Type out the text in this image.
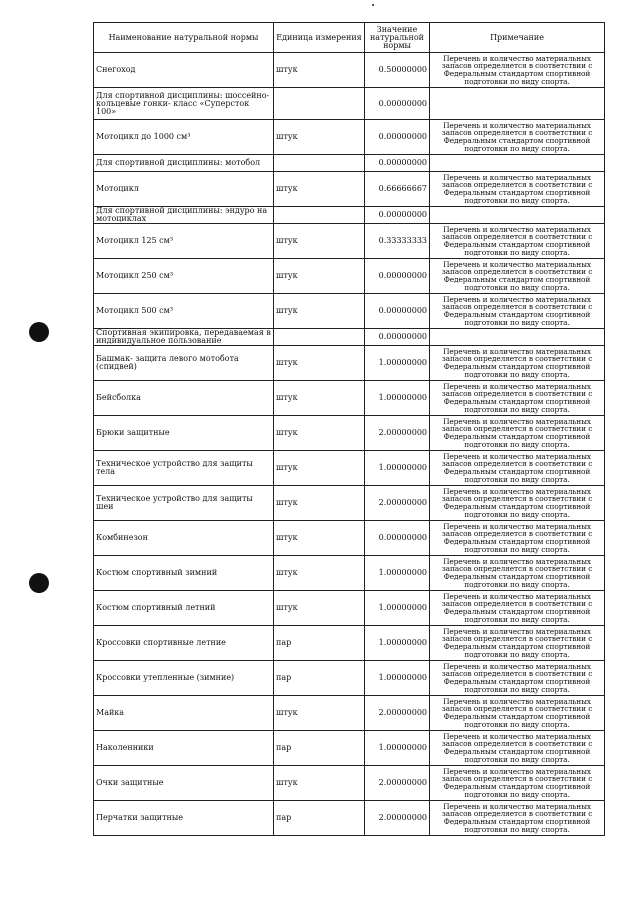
Наименование натуральной нормы	Единица измерения	Значение натуральной нормы	Примечание
Снегоход	штук	0.50000000	Перечень и количество материальных запасов определяется в соответствии с Федеральным стандартом спортивной подготовки по виду спорта.
Для спортивной дисциплины: шоссейно-кольцевые гонки- класс «Суперсток 100»		0.00000000	
Мотоцикл до 1000 см³	штук	0.00000000	Перечень и количество материальных запасов определяется в соответствии с Федеральным стандартом спортивной подготовки по виду спорта.
Для спортивной дисциплины: мотобол		0.00000000	
Мотоцикл	штук	0.66666667	Перечень и количество материальных запасов определяется в соответствии с Федеральным стандартом спортивной подготовки по виду спорта.
Для спортивной дисциплины: эндуро на мотоциклах		0.00000000	
Мотоцикл 125 см³	штук	0.33333333	Перечень и количество материальных запасов определяется в соответствии с Федеральным стандартом спортивной подготовки по виду спорта.
Мотоцикл 250 см³	штук	0.00000000	Перечень и количество материальных запасов определяется в соответствии с Федеральным стандартом спортивной подготовки по виду спорта.
Мотоцикл 500 см³	штук	0.00000000	Перечень и количество материальных запасов определяется в соответствии с Федеральным стандартом спортивной подготовки по виду спорта.
Спортивная экипировка, передаваемая в индивидуальное пользование		0.00000000	
Башмак- защита левого мотобота (спидвей)	штук	1.00000000	Перечень и количество материальных запасов определяется в соответствии с Федеральным стандартом спортивной подготовки по виду спорта.
Бейсболка	штук	1.00000000	Перечень и количество материальных запасов определяется в соответствии с Федеральным стандартом спортивной подготовки по виду спорта.
Брюки защитные	штук	2.00000000	Перечень и количество материальных запасов определяется в соответствии с Федеральным стандартом спортивной подготовки по виду спорта.
Техническое устройство для защиты тела	штук	1.00000000	Перечень и количество материальных запасов определяется в соответствии с Федеральным стандартом спортивной подготовки по виду спорта.
Техническое устройство для защиты шеи	штук	2.00000000	Перечень и количество материальных запасов определяется в соответствии с Федеральным стандартом спортивной подготовки по виду спорта.
Комбинезон	штук	0.00000000	Перечень и количество материальных запасов определяется в соответствии с Федеральным стандартом спортивной подготовки по виду спорта.
Костюм спортивный зимний	штук	1.00000000	Перечень и количество материальных запасов определяется в соответствии с Федеральным стандартом спортивной подготовки по виду спорта.
Костюм спортивный летний	штук	1.00000000	Перечень и количество материальных запасов определяется в соответствии с Федеральным стандартом спортивной подготовки по виду спорта.
Кроссовки спортивные летние	пар	1.00000000	Перечень и количество материальных запасов определяется в соответствии с Федеральным стандартом спортивной подготовки по виду спорта.
Кроссовки утепленные (зимние)	пар	1.00000000	Перечень и количество материальных запасов определяется в соответствии с Федеральным стандартом спортивной подготовки по виду спорта.
Майка	штук	2.00000000	Перечень и количество материальных запасов определяется в соответствии с Федеральным стандартом спортивной подготовки по виду спорта.
Наколенники	пар	1.00000000	Перечень и количество материальных запасов определяется в соответствии с Федеральным стандартом спортивной подготовки по виду спорта.
Очки защитные	штук	2.00000000	Перечень и количество материальных запасов определяется в соответствии с Федеральным стандартом спортивной подготовки по виду спорта.
Перчатки защитные	пар	2.00000000	Перечень и количество материальных запасов определяется в соответствии с Федеральным стандартом спортивной подготовки по виду спорта.
